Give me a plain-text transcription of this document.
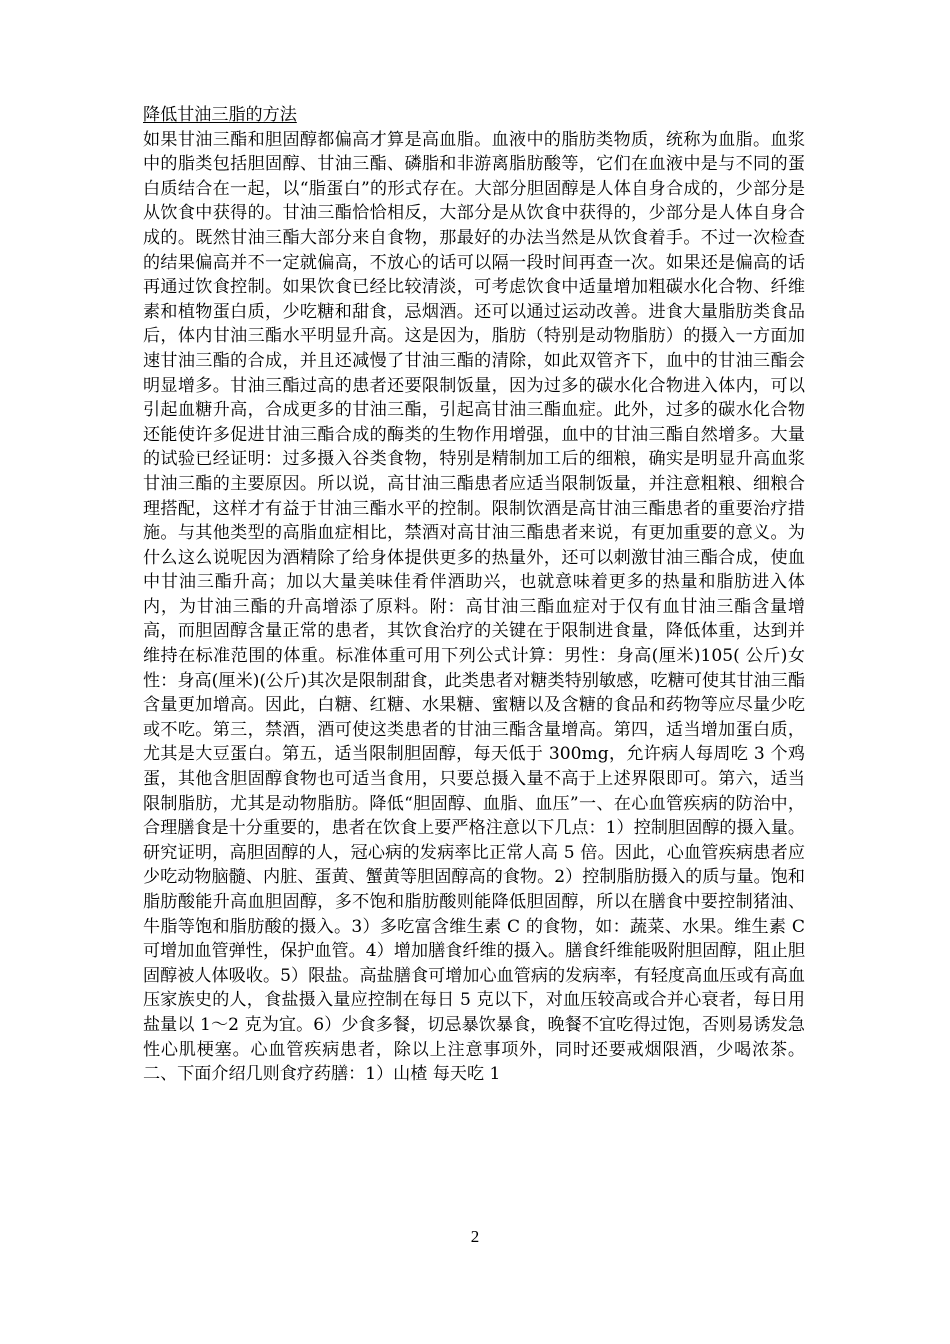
降低甘油三脂的方法

如果甘油三酯和胆固醇都偏高才算是高血脂。血液中的脂肪类物质，统称为血脂。血浆中的脂类包括胆固醇、甘油三酯、磷脂和非游离脂肪酸等，它们在血液中是与不同的蛋白质结合在一起，以“脂蛋白”的形式存在。大部分胆固醇是人体自身合成的，少部分是从饮食中获得的。甘油三酯恰恰相反，大部分是从饮食中获得的，少部分是人体自身合成的。既然甘油三酯大部分来自食物，那最好的办法当然是从饮食着手。不过一次检查的结果偏高并不一定就偏高，不放心的话可以隔一段时间再查一次。如果还是偏高的话再通过饮食控制。如果饮食已经比较清淡，可考虑饮食中适量增加粗碳水化合物、纤维素和植物蛋白质，少吃糖和甜食，忌烟酒。还可以通过运动改善。进食大量脂肪类食品后，体内甘油三酯水平明显升高。这是因为，脂肪（特别是动物脂肪）的摄入一方面加速甘油三酯的合成，并且还减慢了甘油三酯的清除，如此双管齐下，血中的甘油三酯会明显增多。甘油三酯过高的患者还要限制饭量，因为过多的碳水化合物进入体内，可以引起血糖升高，合成更多的甘油三酯，引起高甘油三酯血症。此外，过多的碳水化合物还能使许多促进甘油三酯合成的酶类的生物作用增强，血中的甘油三酯自然增多。大量的试验已经证明：过多摄入谷类食物，特别是精制加工后的细粮，确实是明显升高血浆甘油三酯的主要原因。所以说，高甘油三酯患者应适当限制饭量，并注意粗粮、细粮合理搭配，这样才有益于甘油三酯水平的控制。限制饮酒是高甘油三酯患者的重要治疗措施。与其他类型的高脂血症相比，禁酒对高甘油三酯患者来说，有更加重要的意义。为什么这么说呢因为酒精除了给身体提供更多的热量外，还可以刺激甘油三酯合成，使血中甘油三酯升高；加以大量美味佳肴伴酒助兴，也就意味着更多的热量和脂肪进入体内，为甘油三酯的升高增添了原料。附：高甘油三酯血症对于仅有血甘油三酯含量增高，而胆固醇含量正常的患者，其饮食治疗的关键在于限制进食量，降低体重，达到并维持在标准范围的体重。标准体重可用下列公式计算：男性：身高(厘米)105( 公斤)女性：身高(厘米)(公斤)其次是限制甜食，此类患者对糖类特别敏感，吃糖可使其甘油三酯含量更加增高。因此，白糖、红糖、水果糖、蜜糖以及含糖的食品和药物等应尽量少吃或不吃。第三，禁酒，酒可使这类患者的甘油三酯含量增高。第四，适当增加蛋白质，尤其是大豆蛋白。第五，适当限制胆固醇，每天低于 300mg，允许病人每周吃 3 个鸡蛋，其他含胆固醇食物也可适当食用，只要总摄入量不高于上述界限即可。第六，适当限制脂肪，尤其是动物脂肪。降低“胆固醇、血脂、血压”一、在心血管疾病的防治中，合理膳食是十分重要的，患者在饮食上要严格注意以下几点：1）控制胆固醇的摄入量。研究证明，高胆固醇的人，冠心病的发病率比正常人高 5 倍。因此，心血管疾病患者应少吃动物脑髓、内脏、蛋黄、蟹黄等胆固醇高的食物。2）控制脂肪摄入的质与量。饱和脂肪酸能升高血胆固醇，多不饱和脂肪酸则能降低胆固醇，所以在膳食中要控制猪油、牛脂等饱和脂肪酸的摄入。3）多吃富含维生素 C 的食物，如：蔬菜、水果。维生素 C 可增加血管弹性，保护血管。4）增加膳食纤维的摄入。膳食纤维能吸附胆固醇，阻止胆固醇被人体吸收。5）限盐。高盐膳食可增加心血管病的发病率，有轻度高血压或有高血压家族史的人，食盐摄入量应控制在每日 5 克以下，对血压较高或合并心衰者，每日用盐量以 1～2 克为宜。6）少食多餐，切忌暴饮暴食，晚餐不宜吃得过饱，否则易诱发急性心肌梗塞。心血管疾病患者，除以上注意事项外，同时还要戒烟限酒，少喝浓茶。二、下面介绍几则食疗药膳：1）山楂 每天吃 1

2
